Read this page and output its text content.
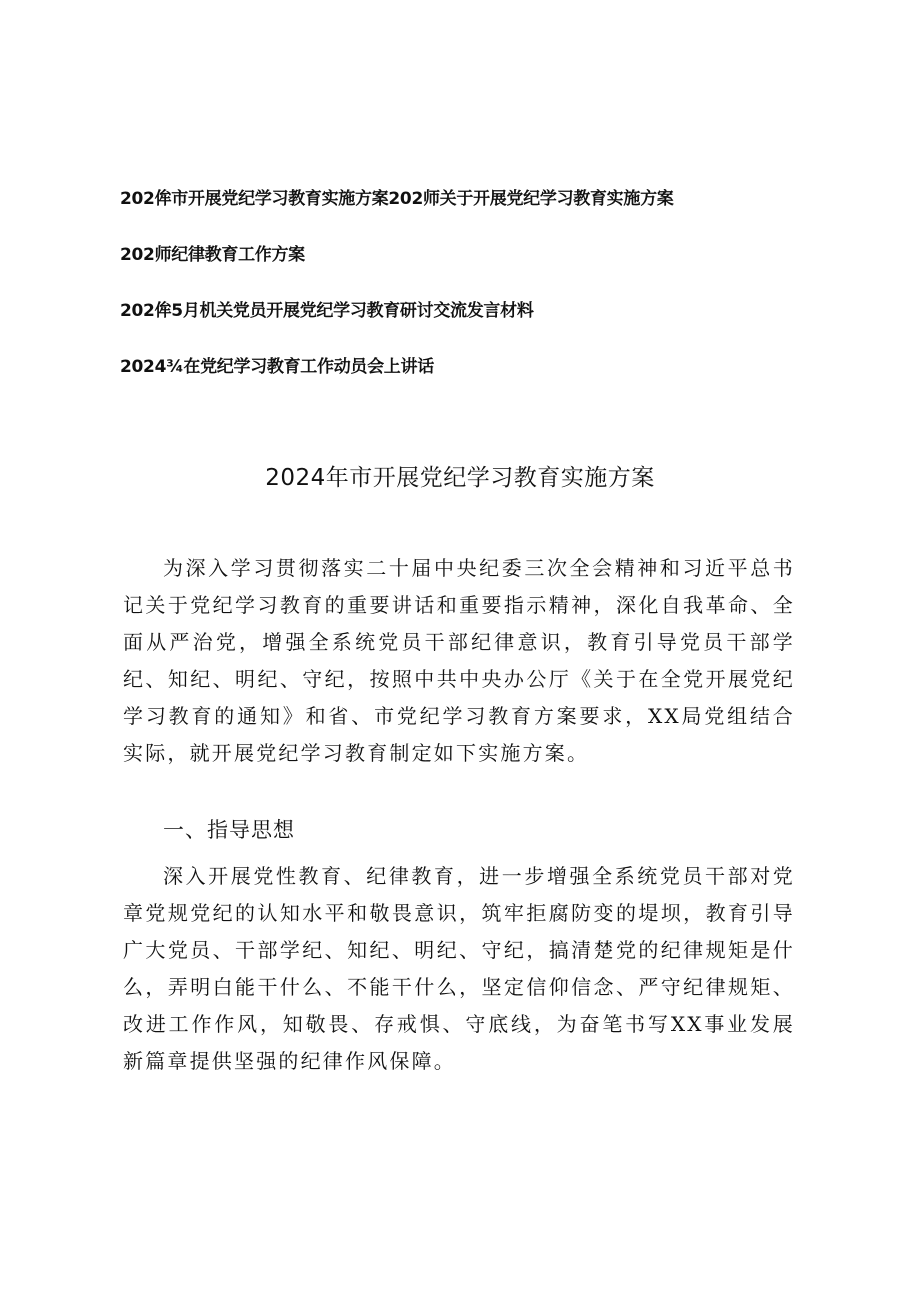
202侔市开展党纪学习教育实施方案202师关于开展党纪学习教育实施方案
202师纪律教育工作方案
202侔5月机关党员开展党纪学习教育研讨交流发言材料
2024¾在党纪学习教育工作动员会上讲话
2024年市开展党纪学习教育实施方案

为深入学习贯彻落实二十届中央纪委三次全会精神和习近平总书记关于党纪学习教育的重要讲话和重要指示精神，深化自我革命、全面从严治党，增强全系统党员干部纪律意识，教育引导党员干部学纪、知纪、明纪、守纪，按照中共中央办公厅《关于在全党开展党纪学习教育的通知》和省、市党纪学习教育方案要求，XX局党组结合实际，就开展党纪学习教育制定如下实施方案。

一、指导思想

深入开展党性教育、纪律教育，进一步增强全系统党员干部对党章党规党纪的认知水平和敬畏意识，筑牢拒腐防变的堤坝，教育引导广大党员、干部学纪、知纪、明纪、守纪，搞清楚党的纪律规矩是什么，弄明白能干什么、不能干什么，坚定信仰信念、严守纪律规矩、改进工作作风，知敬畏、存戒惧、守底线，为奋笔书写XX事业发展新篇章提供坚强的纪律作风保障。
